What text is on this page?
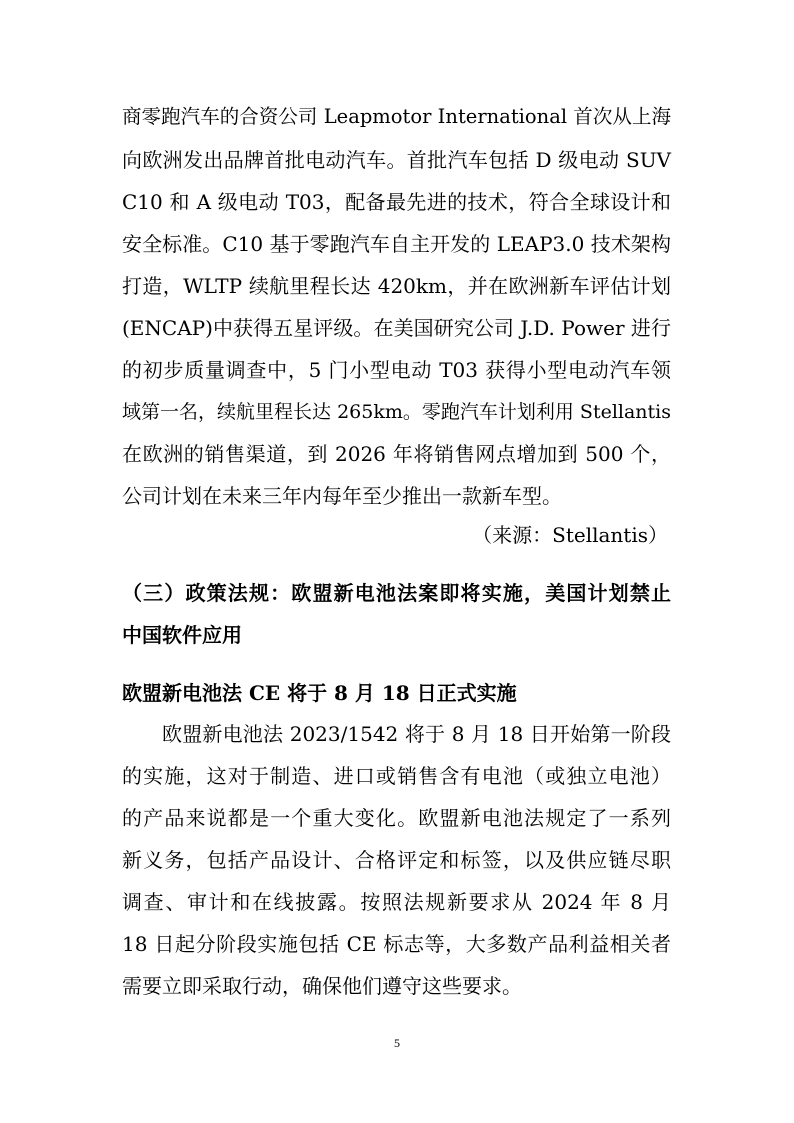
商零跑汽车的合资公司 Leapmotor International 首次从上海
向欧洲发出品牌首批电动汽车。首批汽车包括 D 级电动 SUV
C10 和 A 级电动 T03，配备最先进的技术，符合全球设计和
安全标准。C10 基于零跑汽车自主开发的 LEAP3.0 技术架构
打造，WLTP 续航里程长达 420km，并在欧洲新车评估计划
(ENCAP)中获得五星评级。在美国研究公司 J.D. Power 进行
的初步质量调查中，5 门小型电动 T03 获得小型电动汽车领
域第一名，续航里程长达 265km。零跑汽车计划利用 Stellantis
在欧洲的销售渠道，到 2026 年将销售网点增加到 500 个，
公司计划在未来三年内每年至少推出一款新车型。
（来源：Stellantis）
（三）政策法规：欧盟新电池法案即将实施，美国计划禁止
中国软件应用
欧盟新电池法 CE 将于 8 月 18 日正式实施
欧盟新电池法 2023/1542 将于 8 月 18 日开始第一阶段
的实施，这对于制造、进口或销售含有电池（或独立电池）
的产品来说都是一个重大变化。欧盟新电池法规定了一系列
新义务，包括产品设计、合格评定和标签，以及供应链尽职
调查、审计和在线披露。按照法规新要求从 2024 年 8 月
18 日起分阶段实施包括 CE 标志等，大多数产品利益相关者
需要立即采取行动，确保他们遵守这些要求。
5
